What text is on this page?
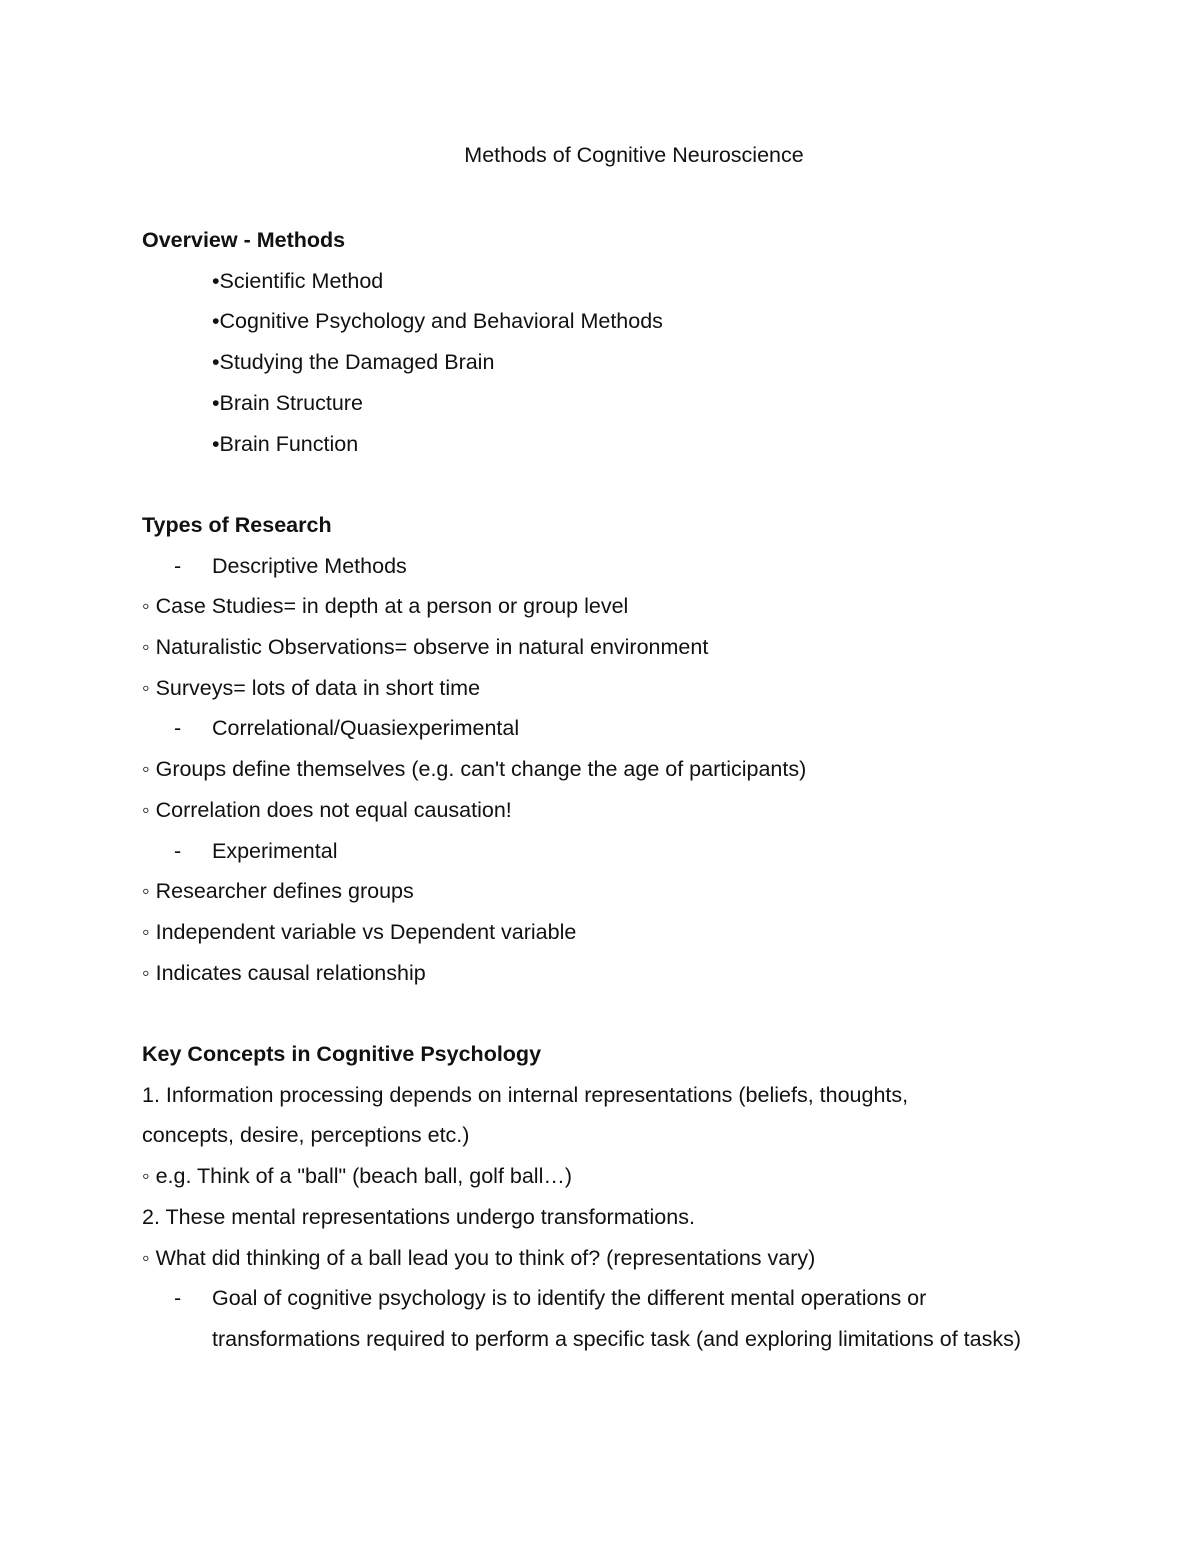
Methods of Cognitive Neuroscience
Overview - Methods
•Scientific Method
•Cognitive Psychology and Behavioral Methods
•Studying the Damaged Brain
•Brain Structure
•Brain Function
Types of Research
- Descriptive Methods
◦ Case Studies= in depth at a person or group level
◦ Naturalistic Observations= observe in natural environment
◦ Surveys= lots of data in short time
- Correlational/Quasiexperimental
◦ Groups define themselves (e.g. can't change the age of participants)
◦ Correlation does not equal causation!
- Experimental
◦ Researcher defines groups
◦ Independent variable vs Dependent variable
◦ Indicates causal relationship
Key Concepts in Cognitive Psychology
1. Information processing depends on internal representations (beliefs, thoughts,
concepts, desire, perceptions etc.)
◦ e.g. Think of a "ball" (beach ball, golf ball…)
2. These mental representations undergo transformations.
◦ What did thinking of a ball lead you to think of? (representations vary)
- Goal of cognitive psychology is to identify the different mental operations or transformations required to perform a specific task (and exploring limitations of tasks)
